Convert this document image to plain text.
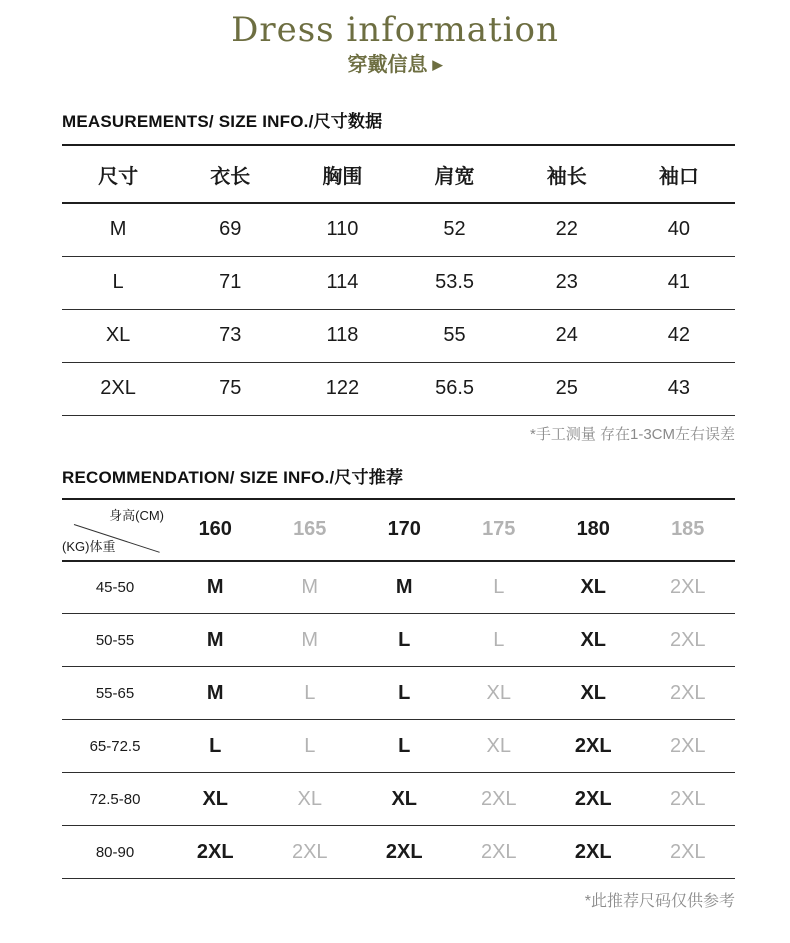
Dress information
穿戴信息 ▶
MEASUREMENTS/ SIZE INFO./尺寸数据
尺寸	衣长	胸围	肩宽	袖长	袖口
M	69	110	52	22	40
L	71	114	53.5	23	41
XL	73	118	55	24	42
2XL	75	122	56.5	25	43
*手工测量 存在1-3CM左右误差
RECOMMENDATION/ SIZE INFO./尺寸推荐
身高(CM)
(KG)体重	160	165	170	175	180	185
45-50	M	M	M	L	XL	2XL
50-55	M	M	L	L	XL	2XL
55-65	M	L	L	XL	XL	2XL
65-72.5	L	L	L	XL	2XL	2XL
72.5-80	XL	XL	XL	2XL	2XL	2XL
80-90	2XL	2XL	2XL	2XL	2XL	2XL
*此推荐尺码仅供参考
